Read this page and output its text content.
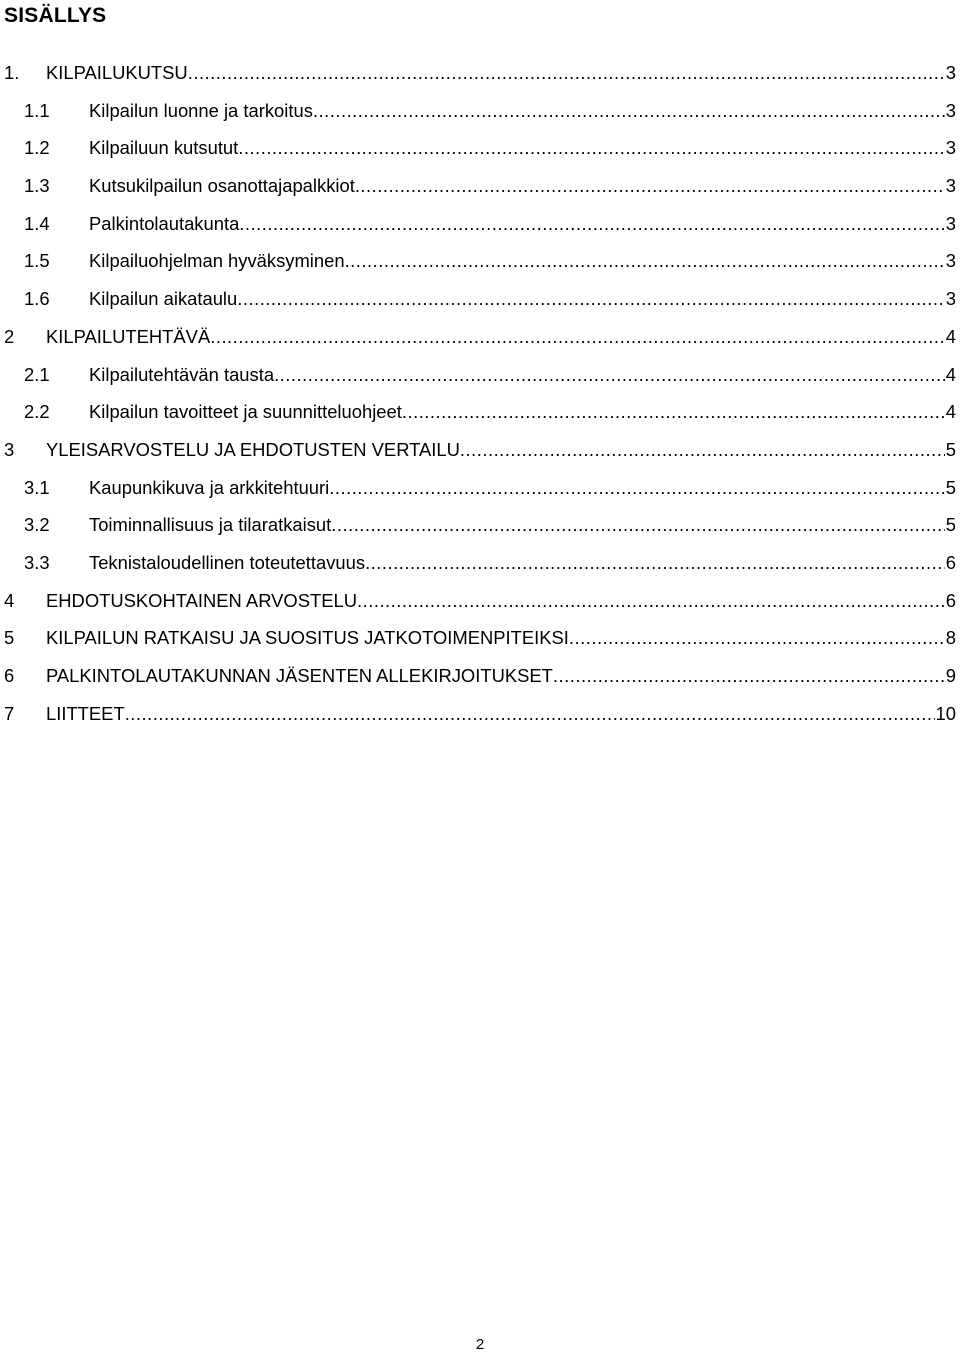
SISÄLLYS
1. KILPAILUKUTSU .....	3
1.1 Kilpailun luonne ja tarkoitus .....	3
1.2 Kilpailuun kutsutut .....	3
1.3 Kutsukilpailun osanottajapalkkiot .....	3
1.4 Palkintolautakunta .....	3
1.5 Kilpailuohjelman hyväksyminen .....	3
1.6 Kilpailun aikataulu .....	3
2 KILPAILUTEHTÄVÄ .....	4
2.1 Kilpailutehtävän tausta .....	4
2.2 Kilpailun tavoitteet ja suunnitteluohjeet .....	4
3 YLEISARVOSTELU JA EHDOTUSTEN VERTAILU .....	5
3.1 Kaupunkikuva ja arkkitehtuuri .....	5
3.2 Toiminnallisuus ja tilaratkaisut .....	5
3.3 Teknistaloudellinen toteutettavuus .....	6
4 EHDOTUSKOHTAINEN ARVOSTELU .....	6
5 KILPAILUN RATKAISU JA SUOSITUS JATKOTOIMENPITEIKSI .....	8
6 PALKINTOLAUTAKUNNAN JÄSENTEN ALLEKIRJOITUKSET .....	9
7 LIITTEET .....	10
2
